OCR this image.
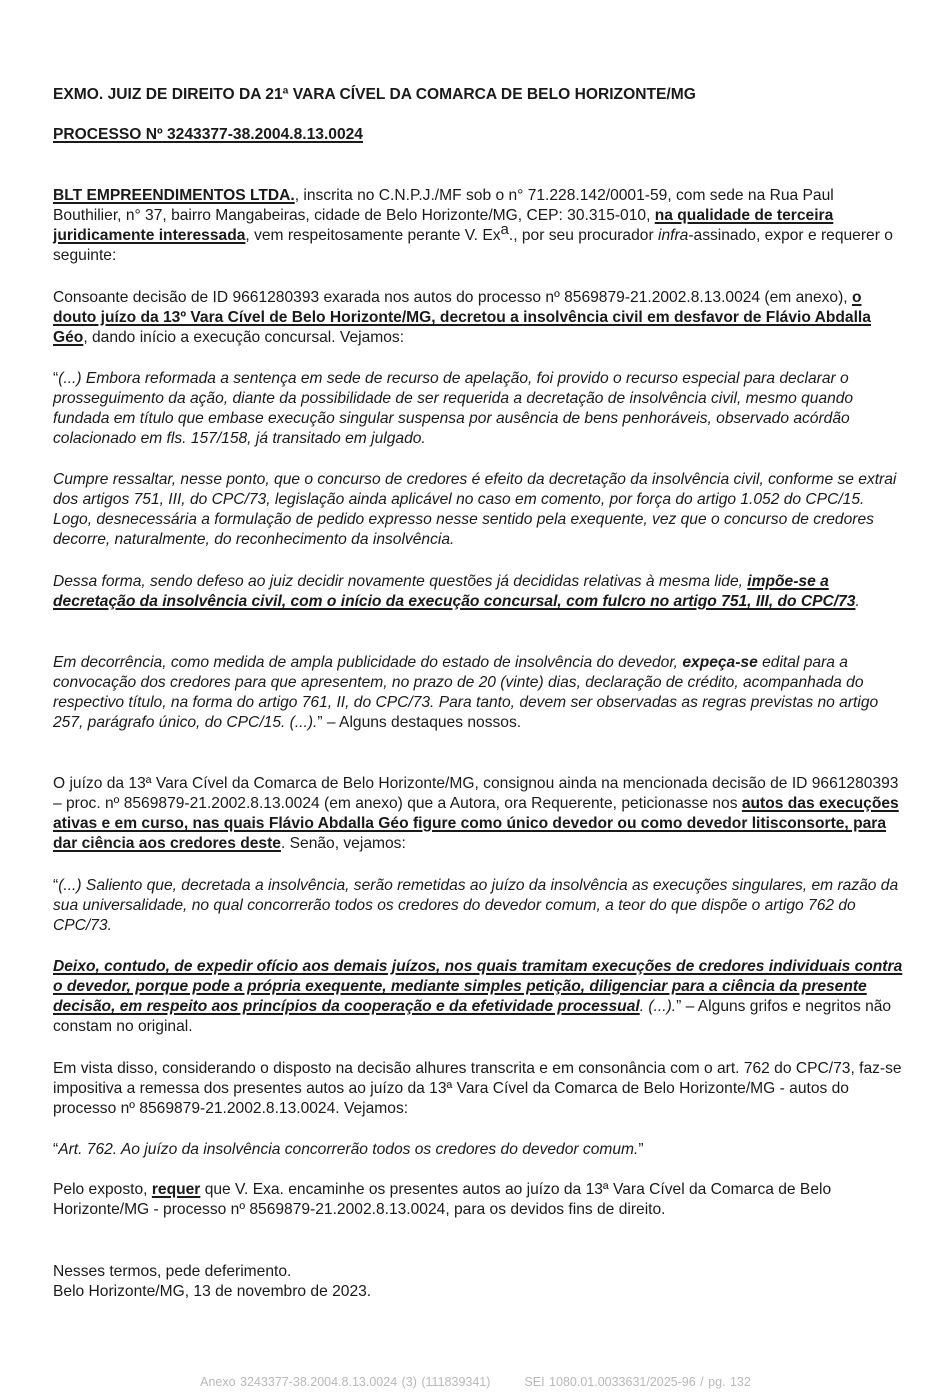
EXMO. JUIZ DE DIREITO DA 21ª VARA CÍVEL DA COMARCA DE BELO HORIZONTE/MG

PROCESSO Nº 3243377-38.2004.8.13.0024

BLT EMPREENDIMENTOS LTDA., inscrita no C.N.P.J./MF sob o n° 71.228.142/0001-59, com sede na Rua Paul Bouthilier, n° 37, bairro Mangabeiras, cidade de Belo Horizonte/MG, CEP: 30.315-010, na qualidade de terceira juridicamente interessada, vem respeitosamente perante V. Ex$^a$., por seu procurador infra-assinado, expor e requerer o seguinte:

Consoante decisão de ID 9661280393 exarada nos autos do processo nº 8569879-21.2002.8.13.0024 (em anexo), o douto juízo da 13º Vara Cível de Belo Horizonte/MG, decretou a insolvência civil em desfavor de Flávio Abdalla Géo, dando início a execução concursal. Vejamos:

“(...) Embora reformada a sentença em sede de recurso de apelação, foi provido o recurso especial para declarar o prosseguimento da ação, diante da possibilidade de ser requerida a decretação de insolvência civil, mesmo quando fundada em título que embase execução singular suspensa por ausência de bens penhoráveis, observado acórdão colacionado em fls. 157/158, já transitado em julgado.

Cumpre ressaltar, nesse ponto, que o concurso de credores é efeito da decretação da insolvência civil, conforme se extrai dos artigos 751, III, do CPC/73, legislação ainda aplicável no caso em comento, por força do artigo 1.052 do CPC/15. Logo, desnecessária a formulação de pedido expresso nesse sentido pela exequente, vez que o concurso de credores decorre, naturalmente, do reconhecimento da insolvência.

Dessa forma, sendo defeso ao juiz decidir novamente questões já decididas relativas à mesma lide, impõe-se a decretação da insolvência civil, com o início da execução concursal, com fulcro no artigo 751, III, do CPC/73.

Em decorrência, como medida de ampla publicidade do estado de insolvência do devedor, expeça-se edital para a convocação dos credores para que apresentem, no prazo de 20 (vinte) dias, declaração de crédito, acompanhada do respectivo título, na forma do artigo 761, II, do CPC/73. Para tanto, devem ser observadas as regras previstas no artigo 257, parágrafo único, do CPC/15. (...).” – Alguns destaques nossos.

O juízo da 13ª Vara Cível da Comarca de Belo Horizonte/MG, consignou ainda na mencionada decisão de ID 9661280393 – proc. nº 8569879-21.2002.8.13.0024 (em anexo) que a Autora, ora Requerente, peticionasse nos autos das execuções ativas e em curso, nas quais Flávio Abdalla Géo figure como único devedor ou como devedor litisconsorte, para dar ciência aos credores deste. Senão, vejamos:

“(...) Saliento que, decretada a insolvência, serão remetidas ao juízo da insolvência as execuções singulares, em razão da sua universalidade, no qual concorrerão todos os credores do devedor comum, a teor do que dispõe o artigo 762 do CPC/73.

Deixo, contudo, de expedir ofício aos demais juízos, nos quais tramitam execuções de credores individuais contra o devedor, porque pode a própria exequente, mediante simples petição, diligenciar para a ciência da presente decisão, em respeito aos princípios da cooperação e da efetividade processual. (...).” – Alguns grifos e negritos não constam no original.

Em vista disso, considerando o disposto na decisão alhures transcrita e em consonância com o art. 762 do CPC/73, faz-se impositiva a remessa dos presentes autos ao juízo da 13ª Vara Cível da Comarca de Belo Horizonte/MG - autos do processo nº 8569879-21.2002.8.13.0024. Vejamos:

“Art. 762. Ao juízo da insolvência concorrerão todos os credores do devedor comum.”

Pelo exposto, requer que V. Exa. encaminhe os presentes autos ao juízo da 13ª Vara Cível da Comarca de Belo Horizonte/MG - processo nº 8569879-21.2002.8.13.0024, para os devidos fins de direito.

Nesses termos, pede deferimento.

Belo Horizonte/MG, 13 de novembro de 2023.

Anexo 3243377-38.2004.8.13.0024 (3) (111839341)	SEI 1080.01.0033631/2025-96 / pg. 132
